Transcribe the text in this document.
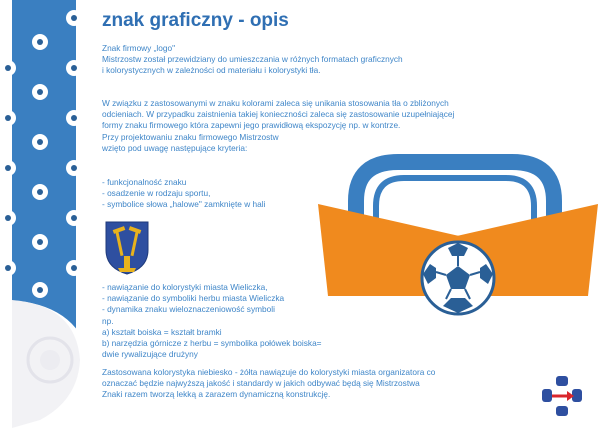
znak graficzny - opis

Znak firmowy „logo"
Mistrzostw został przewidziany do umieszczania w różnych formatach graficznych
i kolorystycznych w zależności od materiału i kolorystyki tła.

W związku z zastosowanymi w znaku kolorami zaleca się unikania stosowania tła o zbliżonych
odcieniach. W przypadku zaistnienia takiej konieczności zaleca się zastosowanie uzupełniającej
formy znaku firmowego która zapewni jego prawidłową ekspozycję np. w kontrze.
Przy projektowaniu znaku firmowego Mistrzostw
wzięto pod uwagę następujące kryteria:

- funkcjonalność znaku
- osadzenie w rodzaju sportu,
- symbolice słowa „halowe" zamknięte w hali

- nawiązanie do kolorystyki miasta Wieliczka,
- nawiązanie do symboliki herbu miasta Wieliczka
- dynamika znaku wieloznaczeniowość symboli
np.
a) kształt boiska = kształt bramki
b) narzędzia górnicze z herbu = symbolika połówek boiska=
dwie rywalizujące drużyny

Zastosowana kolorystyka niebiesko - żółta nawiązuje do kolorystyki miasta organizatora co
oznaczać będzie najwyższą jakość i standardy w jakich odbywać będą się Mistrzostwa
Znaki razem tworzą lekką a zarazem dynamiczną konstrukcję.
